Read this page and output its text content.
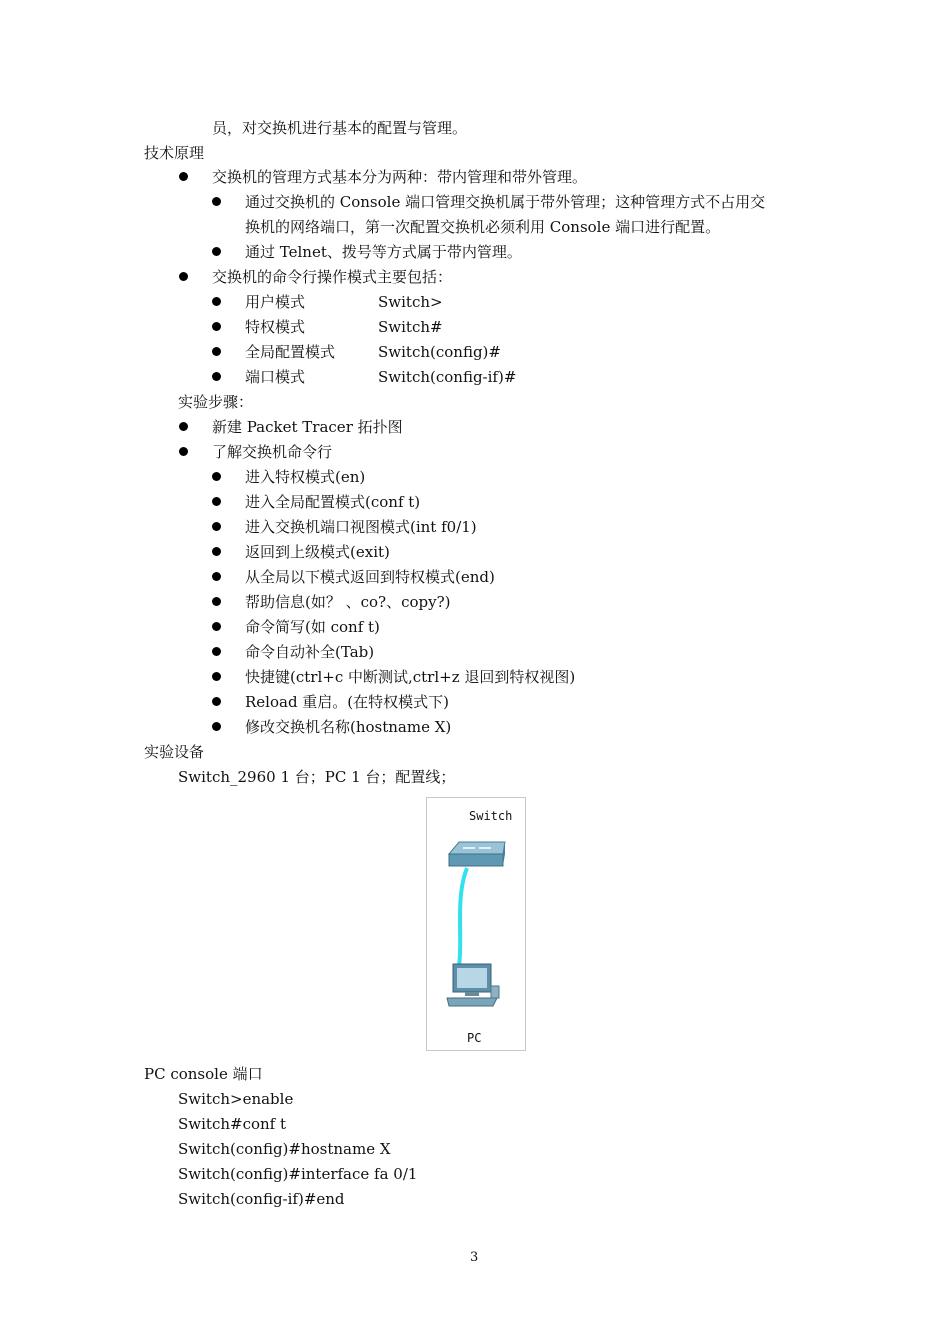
员，对交换机进行基本的配置与管理。
技术原理
交换机的管理方式基本分为两种：带内管理和带外管理。
通过交换机的 Console 端口管理交换机属于带外管理；这种管理方式不占用交
换机的网络端口，第一次配置交换机必须利用 Console 端口进行配置。
通过 Telnet、拨号等方式属于带内管理。
交换机的命令行操作模式主要包括：
用户模式	Switch>
特权模式	Switch#
全局配置模式	Switch(config)#
端口模式	Switch(config-if)#
实验步骤：
新建 Packet Tracer 拓扑图
了解交换机命令行
进入特权模式(en)
进入全局配置模式(conf t)
进入交换机端口视图模式(int f0/1)
返回到上级模式(exit)
从全局以下模式返回到特权模式(end)
帮助信息(如？ 、co?、copy?)
命令简写(如 conf t)
命令自动补全(Tab)
快捷键(ctrl+c 中断测试,ctrl+z 退回到特权视图)
Reload 重启。(在特权模式下)
修改交换机名称(hostname X)
实验设备
Switch_2960 1 台；PC 1 台；配置线；
Switch
PC
PC console 端口
Switch>enable
Switch#conf t
Switch(config)#hostname X
Switch(config)#interface fa 0/1
Switch(config-if)#end
3
